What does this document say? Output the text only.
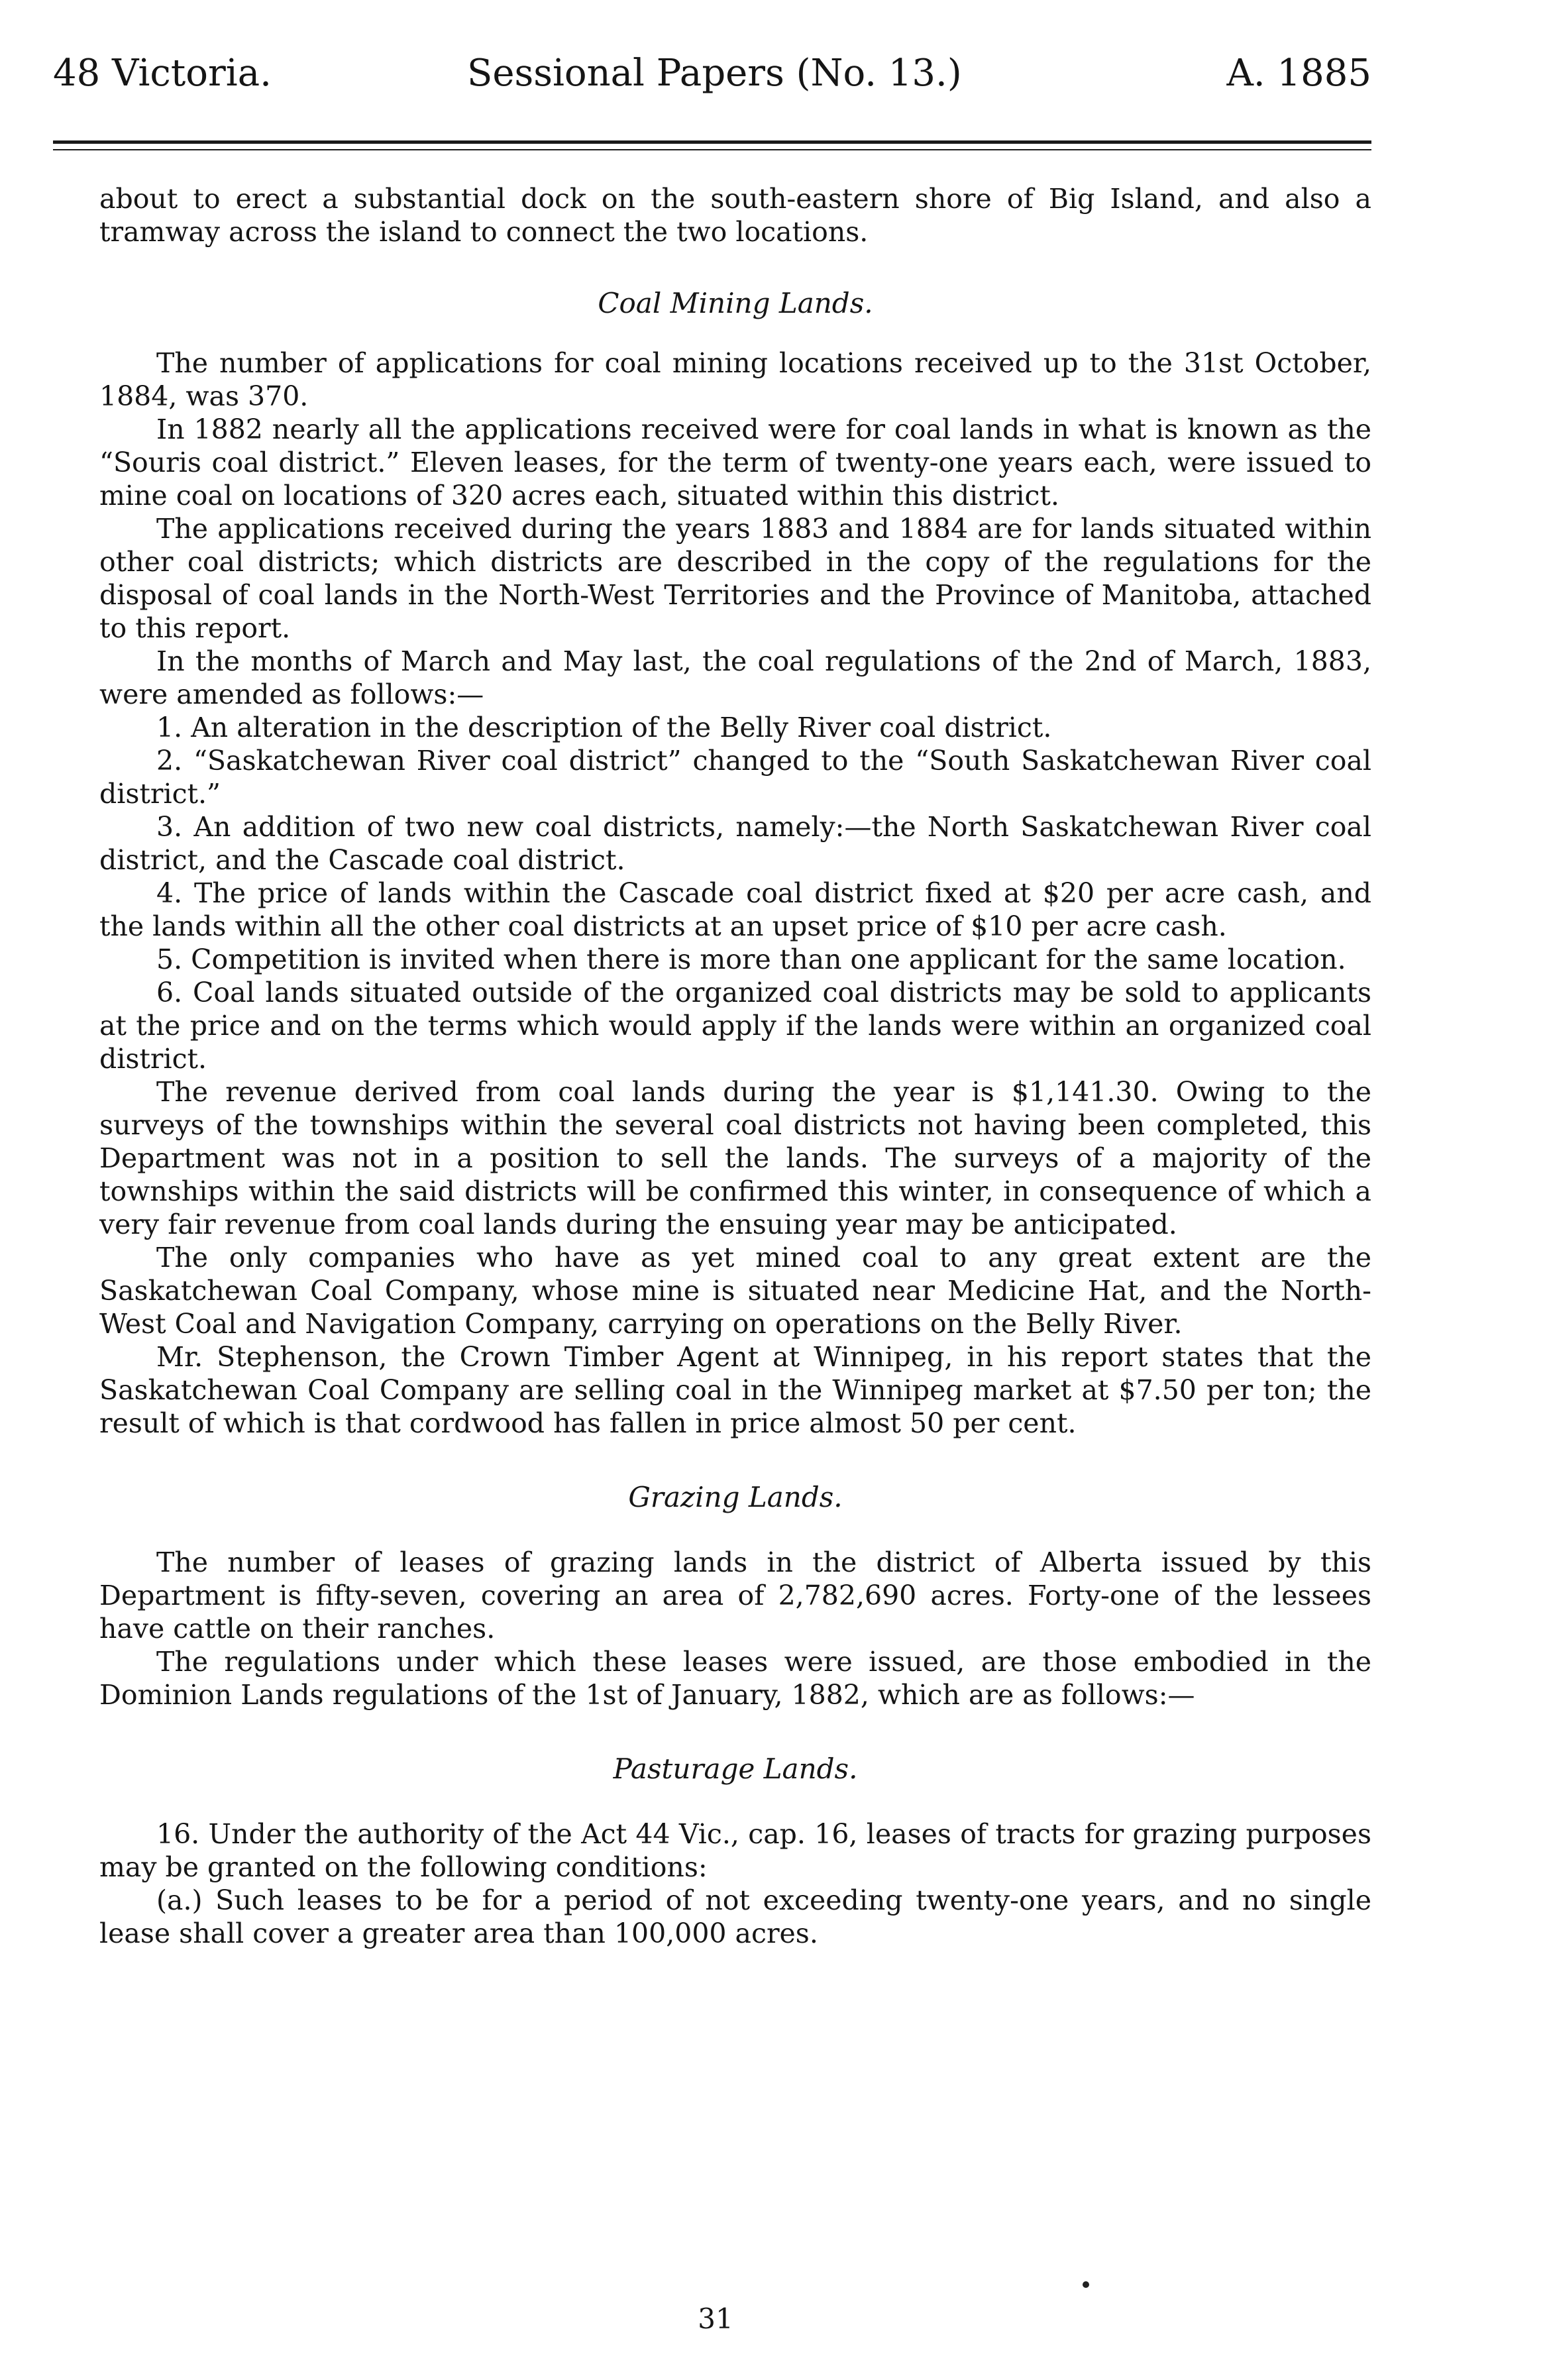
48 Victoria.	Sessional Papers (No. 13.)	A. 1885

about to erect a substantial dock on the south-eastern shore of Big Island, and also a tramway across the island to connect the two locations.

Coal Mining Lands.

The number of applications for coal mining locations received up to the 31st October, 1884, was 370.

In 1882 nearly all the applications received were for coal lands in what is known as the “Souris coal district.” Eleven leases, for the term of twenty-one years each, were issued to mine coal on locations of 320 acres each, situated within this district.

The applications received during the years 1883 and 1884 are for lands situated within other coal districts; which districts are described in the copy of the regulations for the disposal of coal lands in the North-West Territories and the Province of Manitoba, attached to this report.

In the months of March and May last, the coal regulations of the 2nd of March, 1883, were amended as follows:—

1. An alteration in the description of the Belly River coal district.

2. “Saskatchewan River coal district” changed to the “South Saskatchewan River coal district.”

3. An addition of two new coal districts, namely:—the North Saskatchewan River coal district, and the Cascade coal district.

4. The price of lands within the Cascade coal district fixed at $20 per acre cash, and the lands within all the other coal districts at an upset price of $10 per acre cash.

5. Competition is invited when there is more than one applicant for the same location.

6. Coal lands situated outside of the organized coal districts may be sold to applicants at the price and on the terms which would apply if the lands were within an organized coal district.

The revenue derived from coal lands during the year is $1,141.30. Owing to the surveys of the townships within the several coal districts not having been completed, this Department was not in a position to sell the lands. The surveys of a majority of the townships within the said districts will be confirmed this winter, in consequence of which a very fair revenue from coal lands during the ensuing year may be anticipated.

The only companies who have as yet mined coal to any great extent are the Saskatchewan Coal Company, whose mine is situated near Medicine Hat, and the North-West Coal and Navigation Company, carrying on operations on the Belly River.

Mr. Stephenson, the Crown Timber Agent at Winnipeg, in his report states that the Saskatchewan Coal Company are selling coal in the Winnipeg market at $7.50 per ton; the result of which is that cordwood has fallen in price almost 50 per cent.

Grazing Lands.

The number of leases of grazing lands in the district of Alberta issued by this Department is fifty-seven, covering an area of 2,782,690 acres. Forty-one of the lessees have cattle on their ranches.

The regulations under which these leases were issued, are those embodied in the Dominion Lands regulations of the 1st of January, 1882, which are as follows:—

Pasturage Lands.

16. Under the authority of the Act 44 Vic., cap. 16, leases of tracts for grazing purposes may be granted on the following conditions:

(a.) Such leases to be for a period of not exceeding twenty-one years, and no single lease shall cover a greater area than 100,000 acres.

31
